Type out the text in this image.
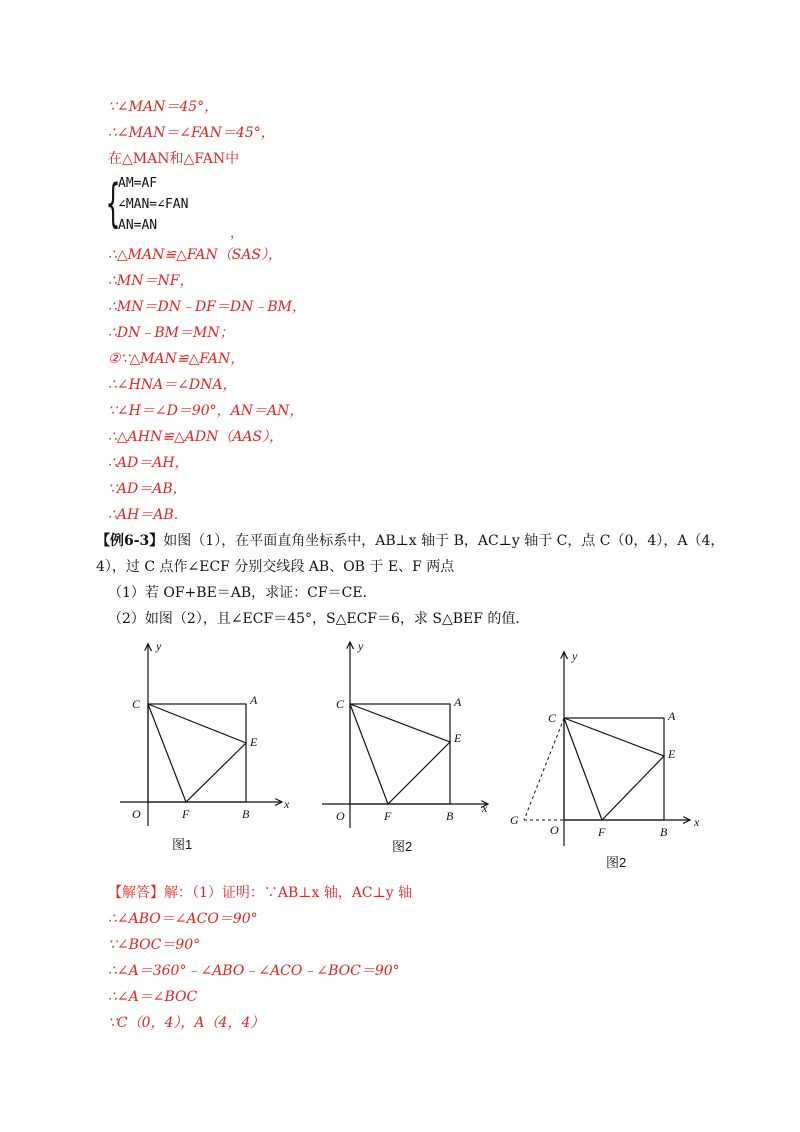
∵∠MAN＝45°，
∴∠MAN＝∠FAN＝45°，
在△MAN和△FAN中
{
AM=AF
∠MAN=∠FAN
AN=AN
，
∴△MAN≌△FAN（SAS），
∴MN＝NF，
∴MN＝DN﹣DF＝DN﹣BM，
∴DN﹣BM＝MN；
②∵△MAN≌△FAN，
∴∠HNA＝∠DNA，
∵∠H＝∠D＝90°，AN＝AN，
∴△AHN≌△ADN（AAS），
∴AD＝AH，
∵AD＝AB，
∴AH＝AB．
【例6-3】如图（1），在平面直角坐标系中，AB⊥x 轴于 B，AC⊥y 轴于 C，点 C（0，4），A（4，
4），过 C 点作∠ECF 分别交线段 AB、OB 于 E、F 两点
（1）若 OF+BE＝AB，求证：CF＝CE．
（2）如图（2），且∠ECF＝45°，S△ECF＝6，求 S△BEF 的值．
y
x
C	A
E
O	F	B
图1
y
x
C	A
E
O	F	B
图2
y
x
C	A
E
G
O	F	B
图2
【解答】解：（1）证明：∵AB⊥x 轴，AC⊥y 轴
∴∠ABO＝∠ACO＝90°
∵∠BOC＝90°
∴∠A＝360°﹣∠ABO﹣∠ACO﹣∠BOC＝90°
∴∠A＝∠BOC
∵C（0，4），A（4，4）
